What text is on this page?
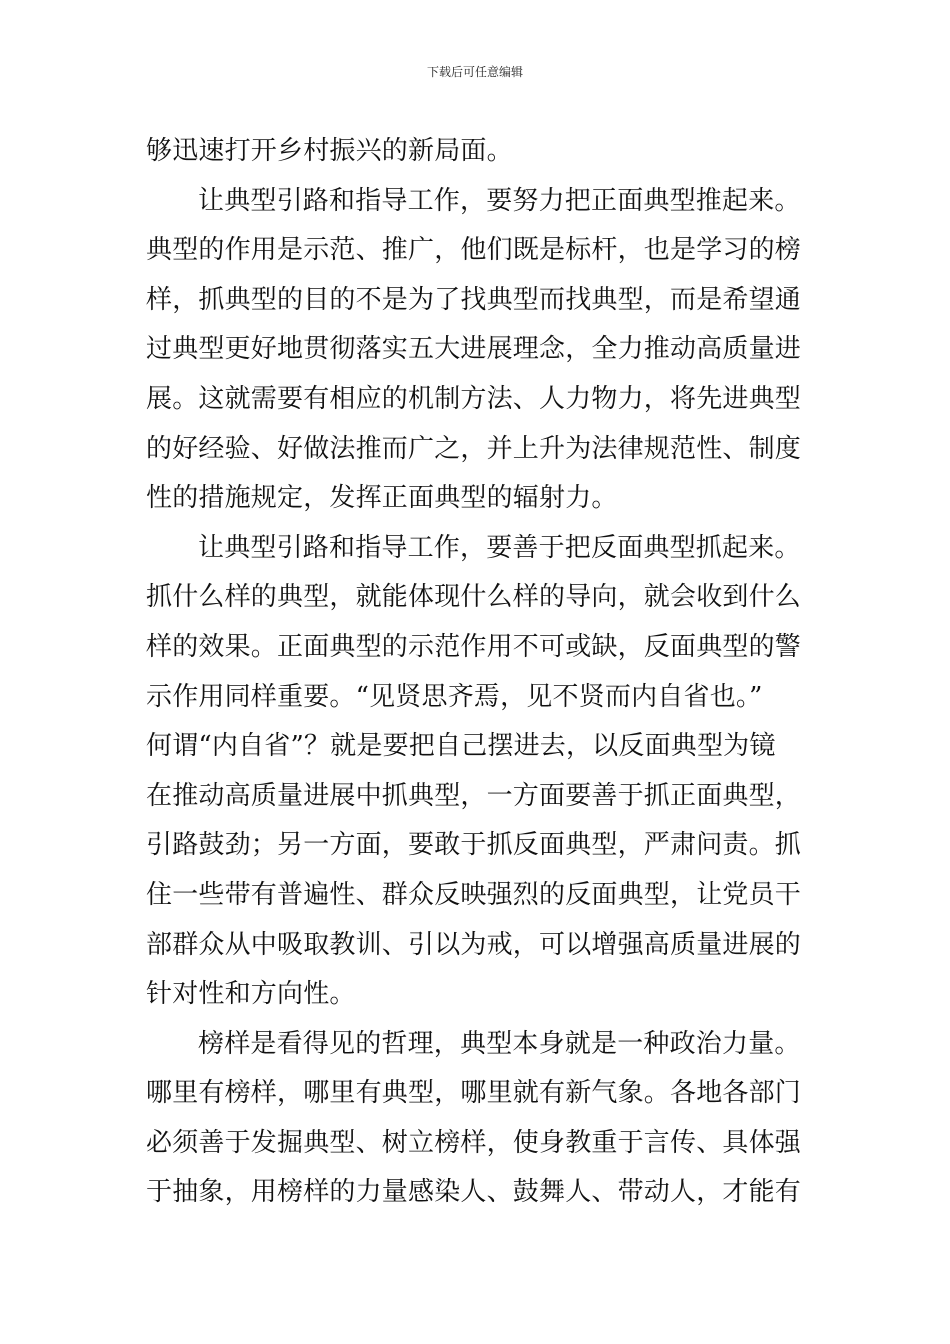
下载后可任意编辑
够迅速打开乡村振兴的新局面。
让典型引路和指导工作，要努力把正面典型推起来。
典型的作用是示范、推广，他们既是标杆，也是学习的榜
样，抓典型的目的不是为了找典型而找典型，而是希望通
过典型更好地贯彻落实五大进展理念，全力推动高质量进
展。这就需要有相应的机制方法、人力物力，将先进典型
的好经验、好做法推而广之，并上升为法律规范性、制度
性的措施规定，发挥正面典型的辐射力。
让典型引路和指导工作，要善于把反面典型抓起来。
抓什么样的典型，就能体现什么样的导向，就会收到什么
样的效果。正面典型的示范作用不可或缺，反面典型的警
示作用同样重要。“见贤思齐焉，见不贤而内自省也。”
何谓“内自省”？就是要把自己摆进去，以反面典型为镜
在推动高质量进展中抓典型，一方面要善于抓正面典型，
引路鼓劲；另一方面，要敢于抓反面典型，严肃问责。抓
住一些带有普遍性、群众反映强烈的反面典型，让党员干
部群众从中吸取教训、引以为戒，可以增强高质量进展的
针对性和方向性。
榜样是看得见的哲理，典型本身就是一种政治力量。
哪里有榜样，哪里有典型，哪里就有新气象。各地各部门
必须善于发掘典型、树立榜样，使身教重于言传、具体强
于抽象，用榜样的力量感染人、鼓舞人、带动人，才能有
